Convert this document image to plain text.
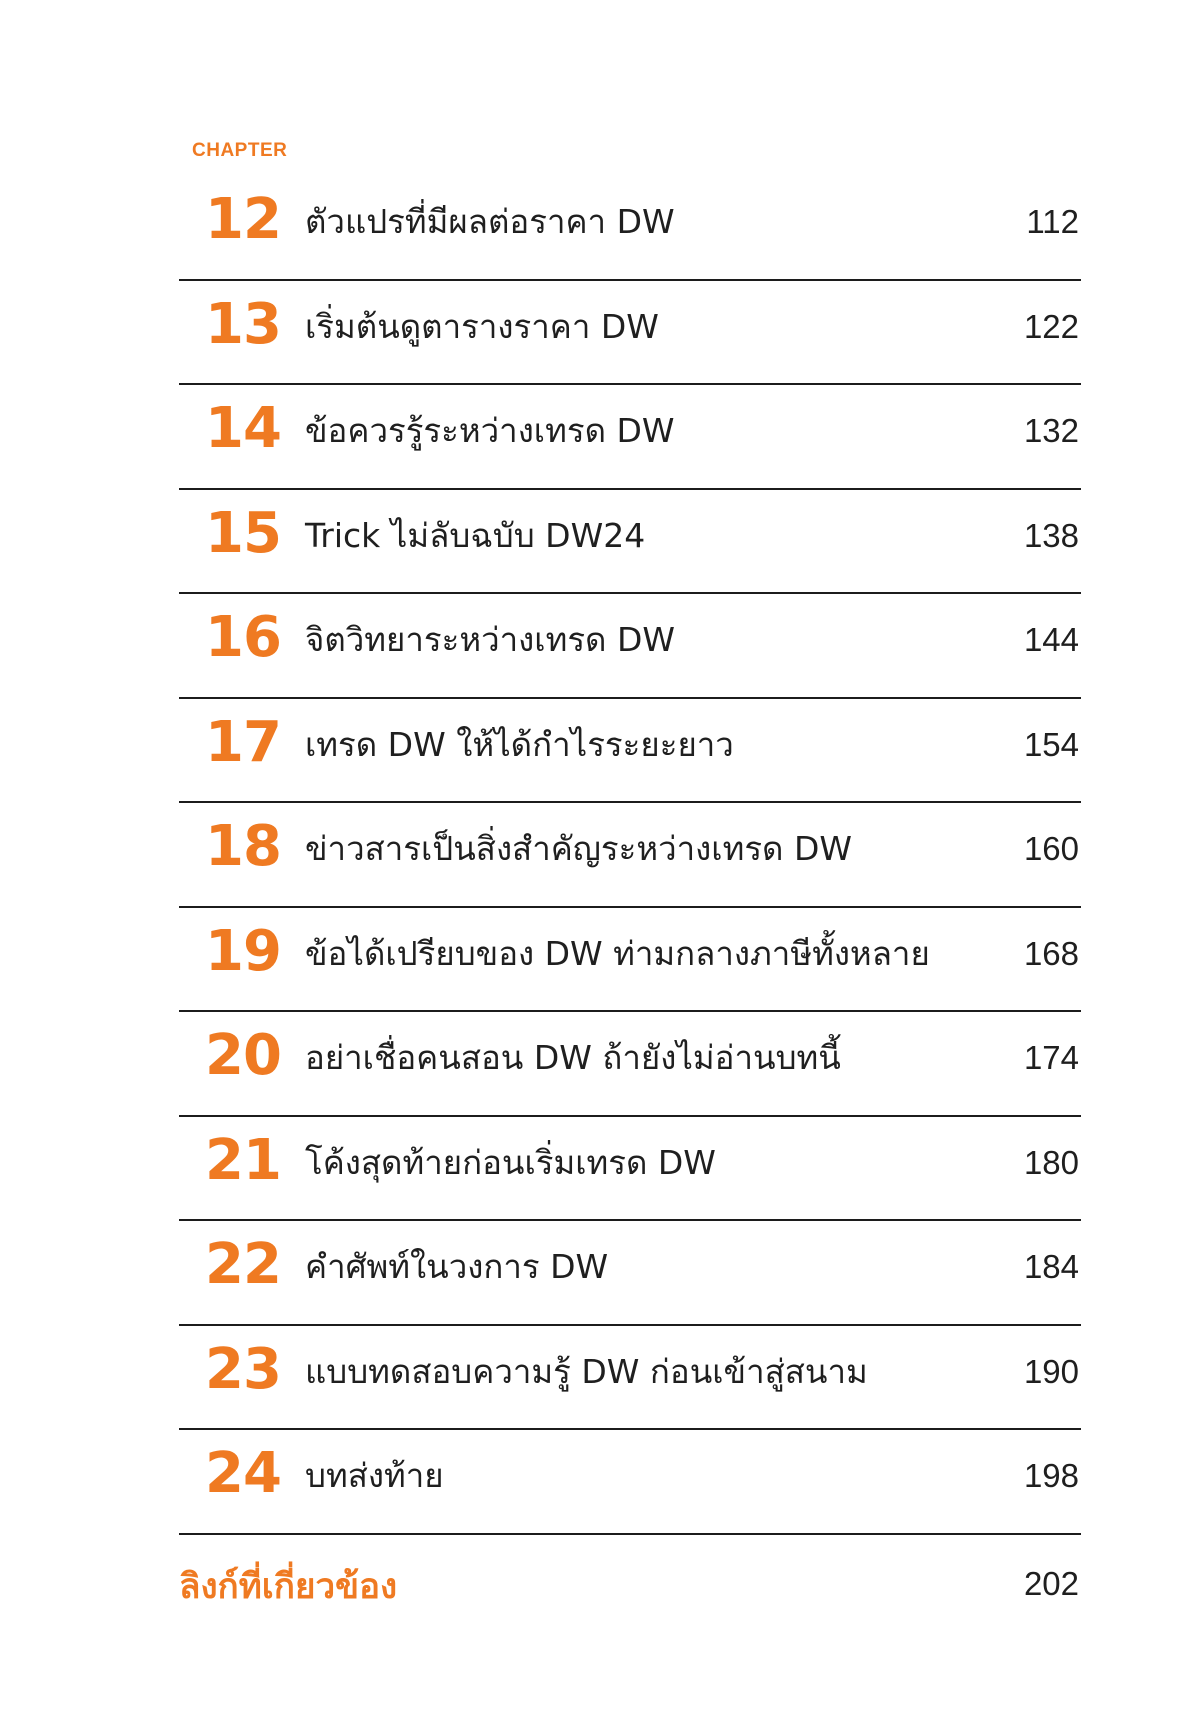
CHAPTER
12 ตัวแปรที่มีผลต่อราคา DW	112
13 เริ่มต้นดูตารางราคา DW	122
14 ข้อควรรู้ระหว่างเทรด DW	132
15 Trick ไม่ลับฉบับ DW24	138
16 จิตวิทยาระหว่างเทรด DW	144
17 เทรด DW ให้ได้กำไรระยะยาว	154
18 ข่าวสารเป็นสิ่งสำคัญระหว่างเทรด DW	160
19 ข้อได้เปรียบของ DW ท่ามกลางภาษีทั้งหลาย	168
20 อย่าเชื่อคนสอน DW ถ้ายังไม่อ่านบทนี้	174
21 โค้งสุดท้ายก่อนเริ่มเทรด DW	180
22 คำศัพท์ในวงการ DW	184
23 แบบทดสอบความรู้ DW ก่อนเข้าสู่สนาม	190
24 บทส่งท้าย	198
ลิงก์ที่เกี่ยวข้อง	202
